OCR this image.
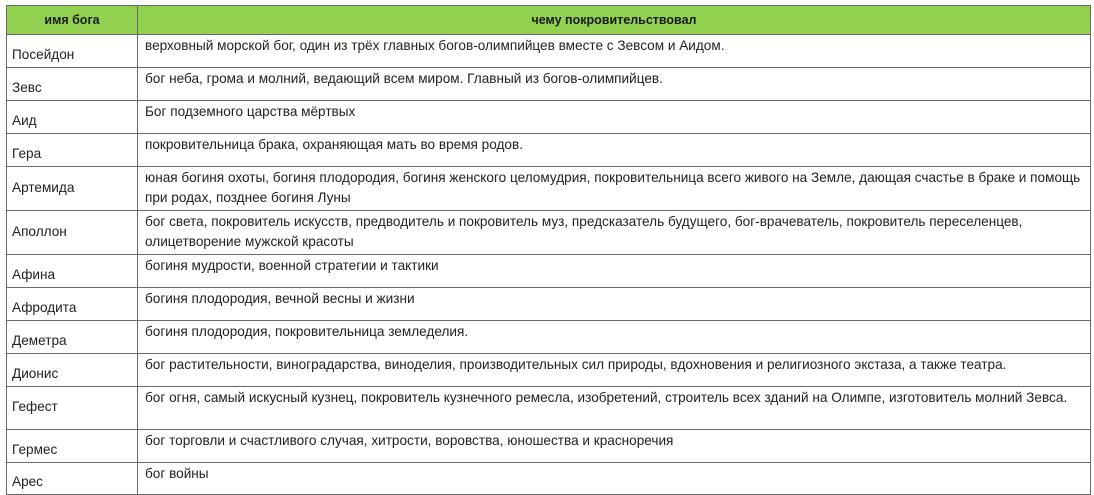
имя бога	чему покровительствовал
Посейдон	верховный морской бог, один из трёх главных богов-олимпийцев вместе с Зевсом и Аидом.
Зевс	бог неба, грома и молний, ведающий всем миром. Главный из богов-олимпийцев.
Аид	Бог подземного царства мёртвых
Гера	покровительница брака, охраняющая мать во время родов.
Артемида	юная богиня охоты, богиня плодородия, богиня женского целомудрия, покровительница всего живого на Земле, дающая счастье в браке и помощь при родах, позднее богиня Луны
Аполлон	бог света, покровитель искусств, предводитель и покровитель муз, предсказатель будущего, бог-врачеватель, покровитель переселенцев, олицетворение мужской красоты
Афина	богиня мудрости, военной стратегии и тактики
Афродита	богиня плодородия, вечной весны и жизни
Деметра	богиня плодородия, покровительница земледелия.
Дионис	бог растительности, виноградарства, виноделия, производительных сил природы, вдохновения и религиозного экстаза, а также театра.
Гефест	бог огня, самый искусный кузнец, покровитель кузнечного ремесла, изобретений, строитель всех зданий на Олимпе, изготовитель молний Зевса.
Гермес	бог торговли и счастливого случая, хитрости, воровства, юношества и красноречия
Арес	бог войны
